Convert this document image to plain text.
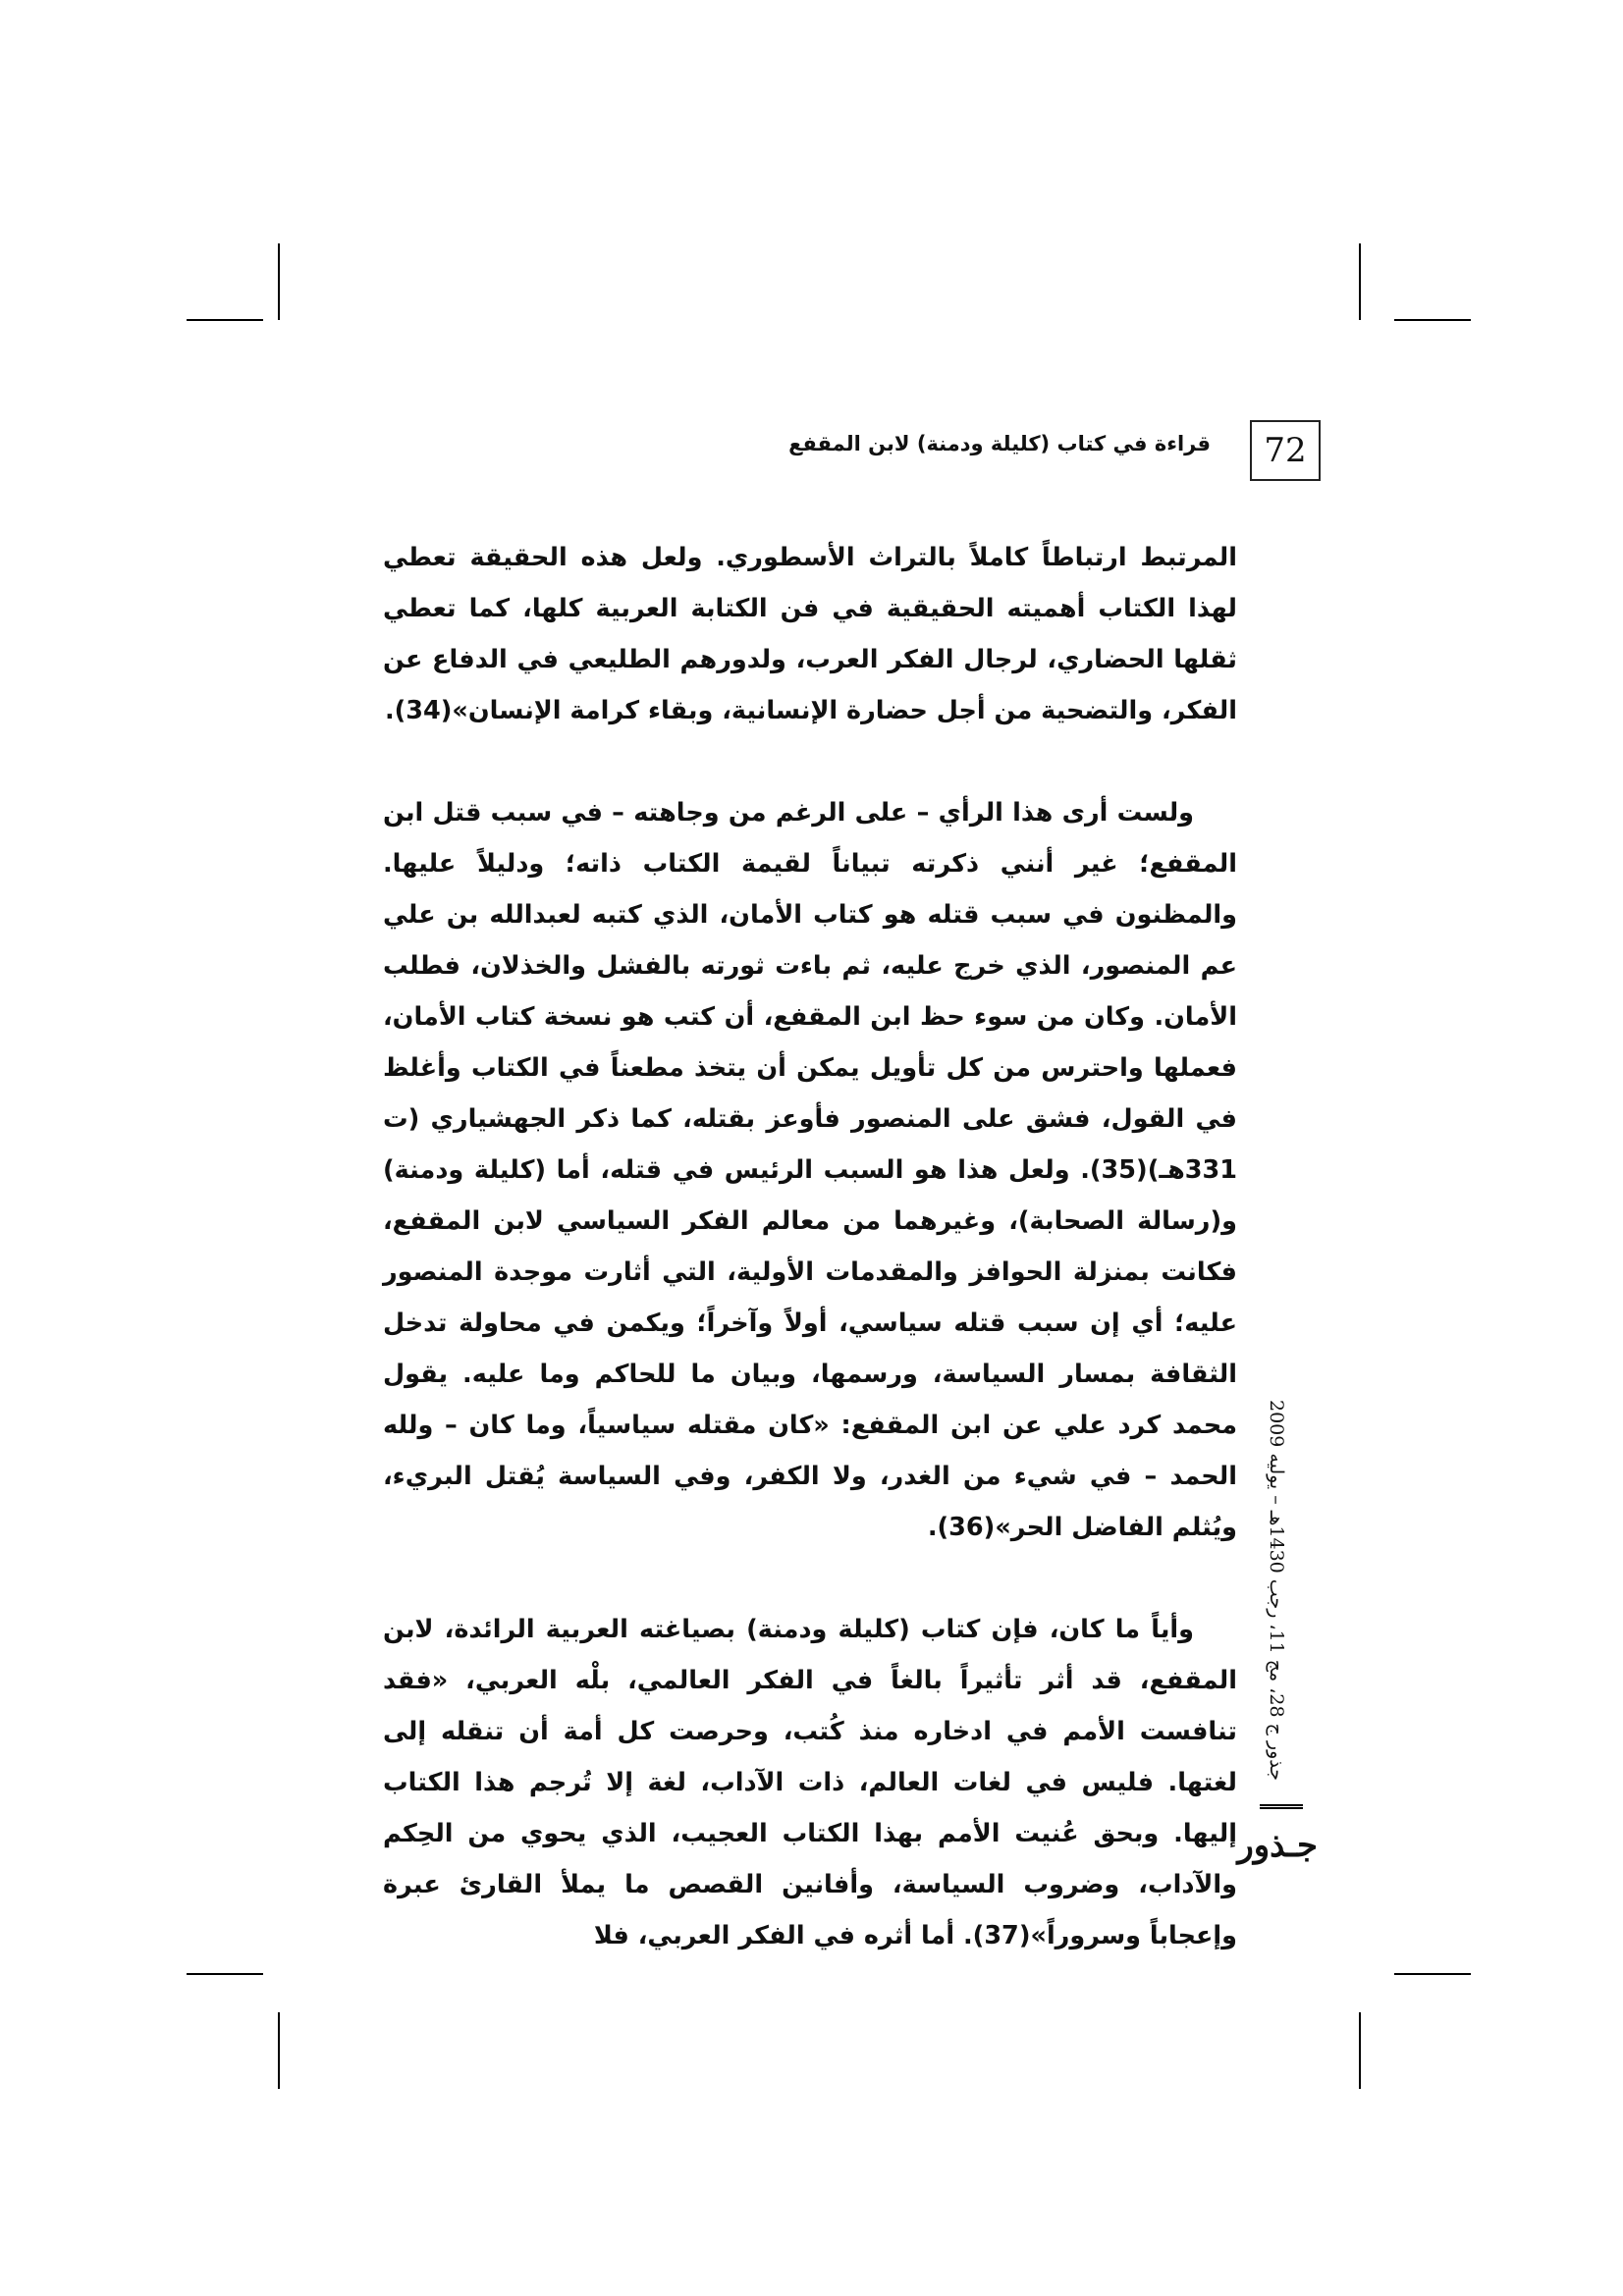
72
قراءة في كتاب (كليلة ودمنة) لابن المقفع

المرتبط ارتباطاً كاملاً بالتراث الأسطوري. ولعل هذه الحقيقة تعطي لهذا الكتاب أهميته الحقيقية في فن الكتابة العربية كلها، كما تعطي ثقلها الحضاري، لرجال الفكر العرب، ولدورهم الطليعي في الدفاع عن الفكر، والتضحية من أجل حضارة الإنسانية، وبقاء كرامة الإنسان»(34).

ولست أرى هذا الرأي – على الرغم من وجاهته – في سبب قتل ابن المقفع؛ غير أنني ذكرته تبياناً لقيمة الكتاب ذاته؛ ودليلاً عليها. والمظنون في سبب قتله هو كتاب الأمان، الذي كتبه لعبدالله بن علي عم المنصور، الذي خرج عليه، ثم باءت ثورته بالفشل والخذلان، فطلب الأمان. وكان من سوء حظ ابن المقفع، أن كتب هو نسخة كتاب الأمان، فعملها واحترس من كل تأويل يمكن أن يتخذ مطعناً في الكتاب وأغلظ في القول، فشق على المنصور فأوعز بقتله، كما ذكر الجهشياري (ت 331هـ)(35). ولعل هذا هو السبب الرئيس في قتله، أما (كليلة ودمنة) و(رسالة الصحابة)، وغيرهما من معالم الفكر السياسي لابن المقفع، فكانت بمنزلة الحوافز والمقدمات الأولية، التي أثارت موجدة المنصور عليه؛ أي إن سبب قتله سياسي، أولاً وآخراً؛ ويكمن في محاولة تدخل الثقافة بمسار السياسة، ورسمها، وبيان ما للحاكم وما عليه. يقول محمد كرد علي عن ابن المقفع: «كان مقتله سياسياً، وما كان – ولله الحمد – في شيء من الغدر، ولا الكفر، وفي السياسة يُقتل البريء، ويُثلم الفاضل الحر»(36).

وأياً ما كان، فإن كتاب (كليلة ودمنة) بصياغته العربية الرائدة، لابن المقفع، قد أثر تأثيراً بالغاً في الفكر العالمي، بلْه العربي، «فقد تنافست الأمم في ادخاره منذ كُتب، وحرصت كل أمة أن تنقله إلى لغتها. فليس في لغات العالم، ذات الآداب، لغة إلا تُرجم هذا الكتاب إليها. وبحق عُنيت الأمم بهذا الكتاب العجيب، الذي يحوي من الحِكم والآداب، وضروب السياسة، وأفانين القصص ما يملأ القارئ عبرة وإعجاباً وسروراً»(37). أما أثره في الفكر العربي، فلا

جذور ج 28، مج 11، رجب 1430هـ – يوليه 2009
جـذور
